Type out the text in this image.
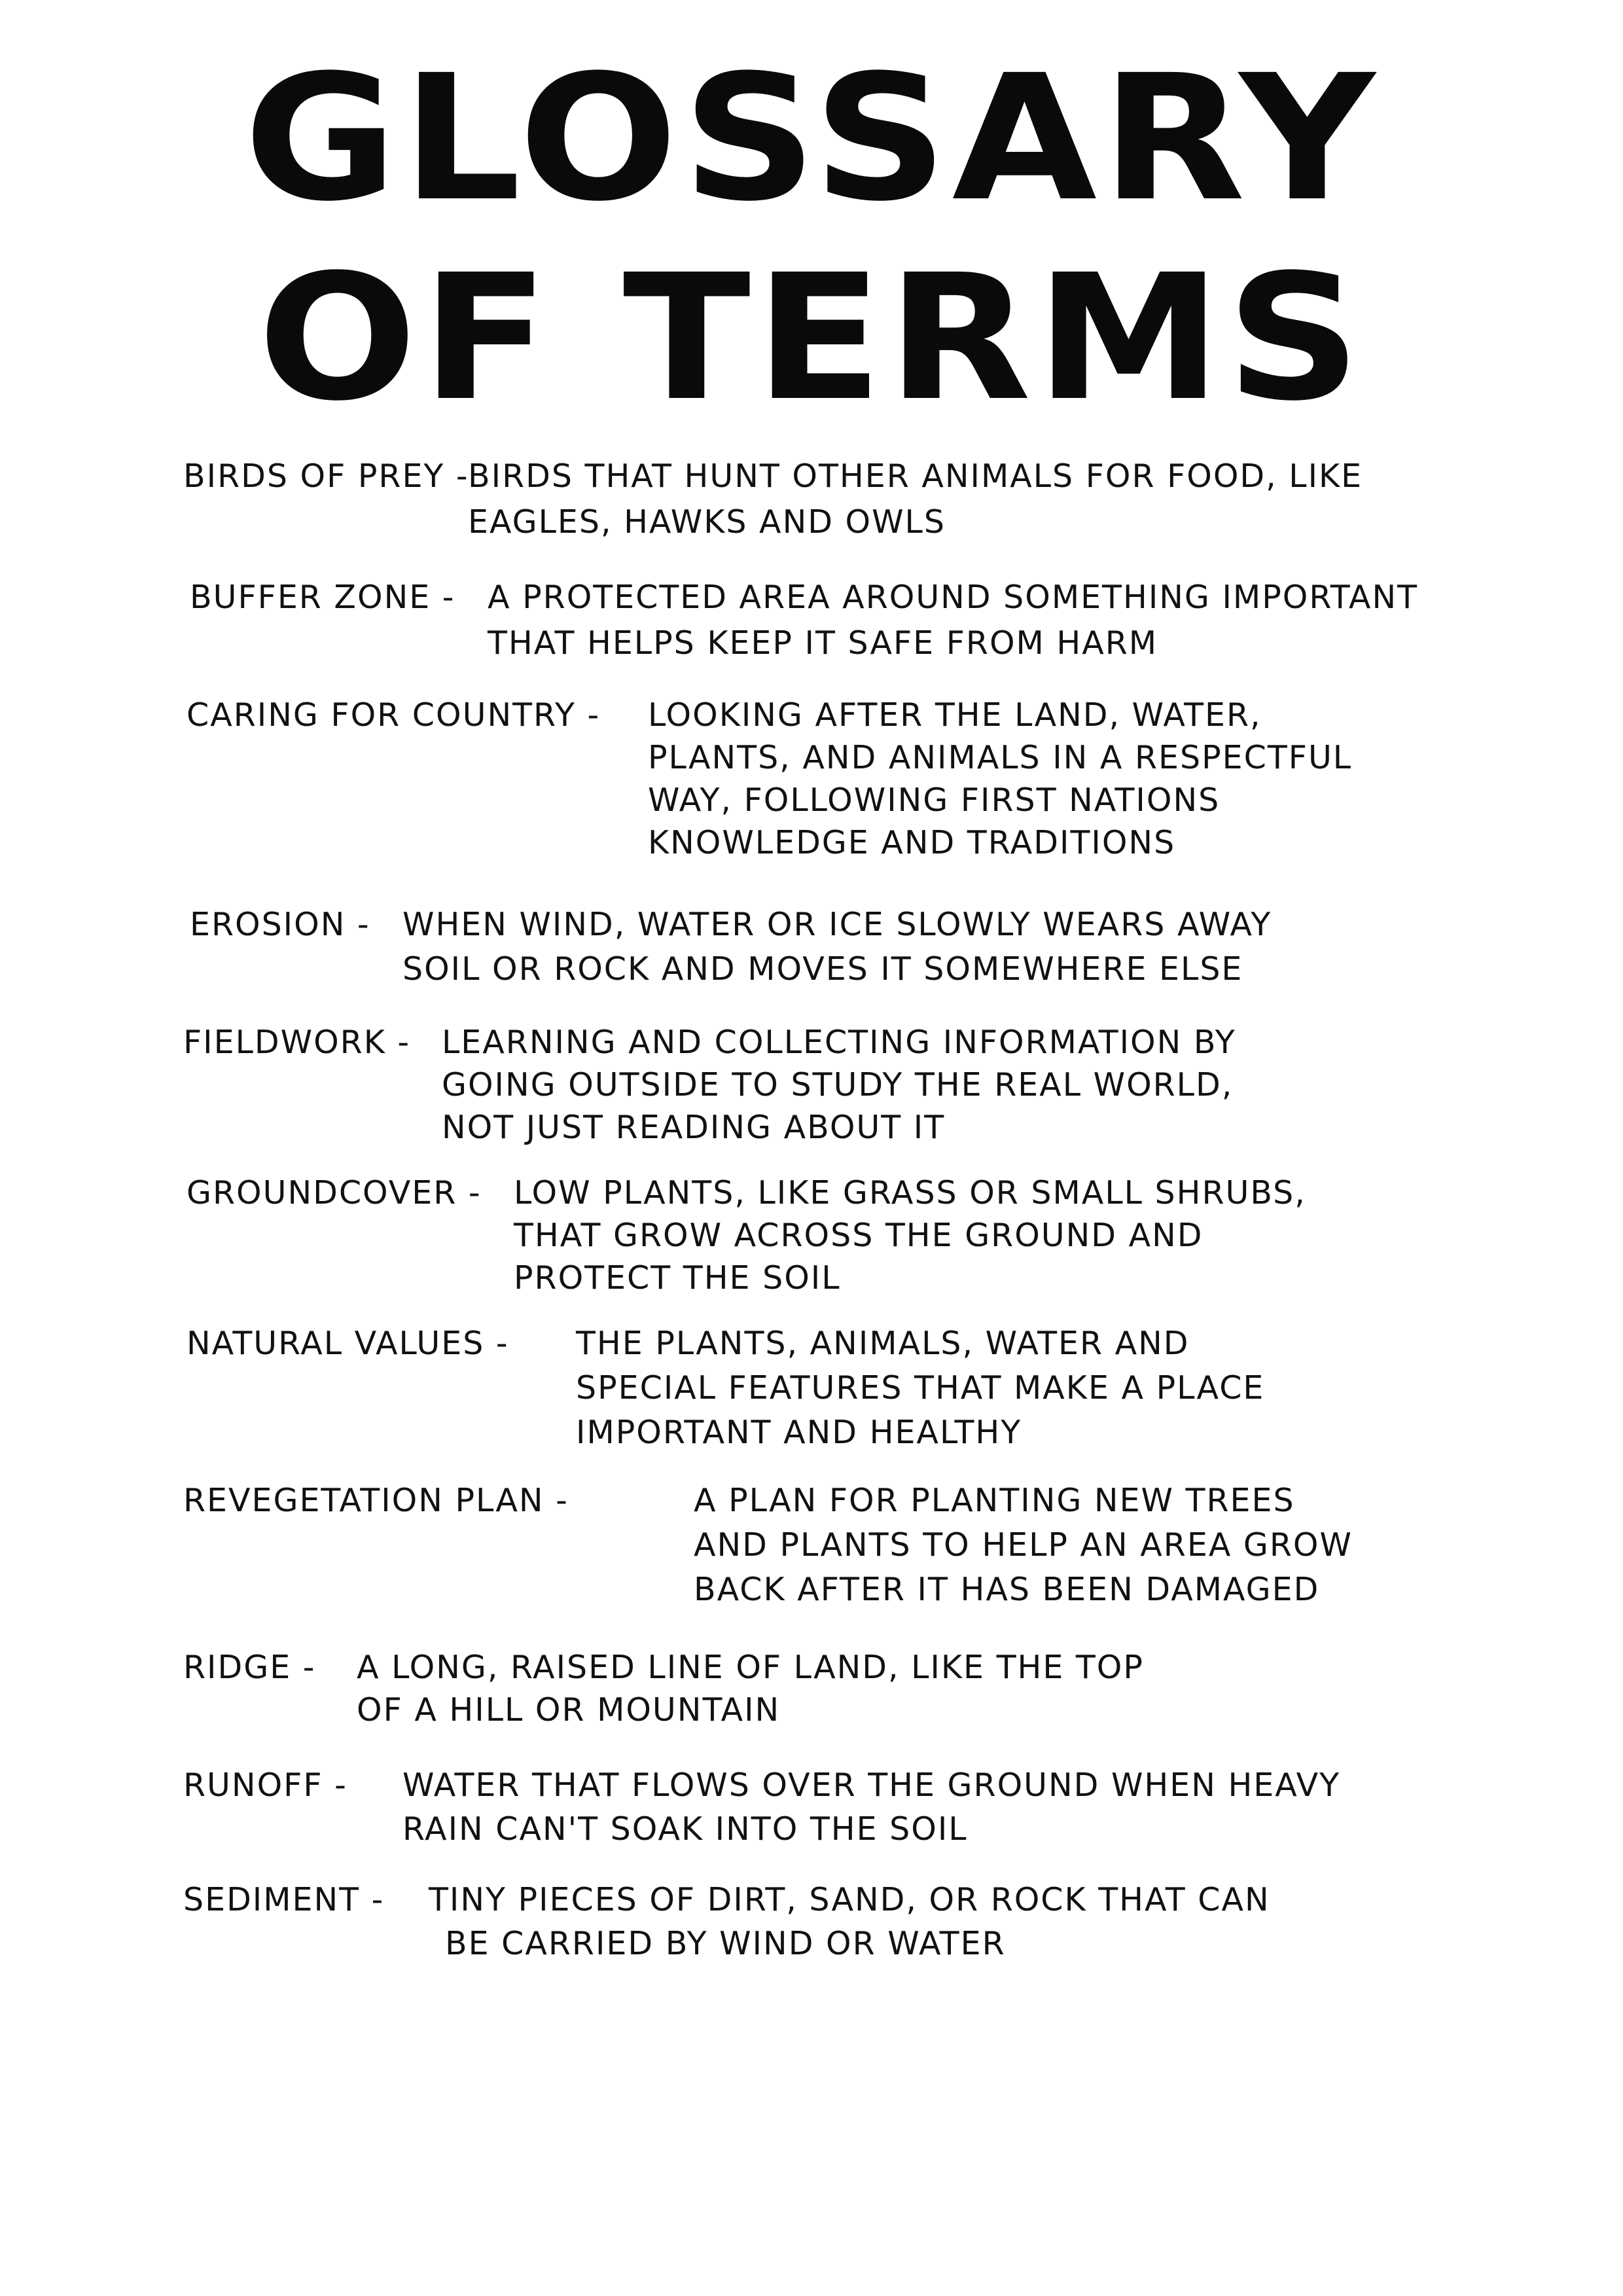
GLOSSARY
OF TERMS
BIRDS OF PREY -
BIRDS THAT HUNT OTHER ANIMALS FOR FOOD, LIKE
EAGLES, HAWKS AND OWLS
BUFFER ZONE - A PROTECTED AREA AROUND SOMETHING IMPORTANT
THAT HELPS KEEP IT SAFE FROM HARM
CARING FOR COUNTRY - LOOKING AFTER THE LAND, WATER,
PLANTS, AND ANIMALS IN A RESPECTFUL
WAY, FOLLOWING FIRST NATIONS
KNOWLEDGE AND TRADITIONS
EROSION - WHEN WIND, WATER OR ICE SLOWLY WEARS AWAY
SOIL OR ROCK AND MOVES IT SOMEWHERE ELSE
FIELDWORK - LEARNING AND COLLECTING INFORMATION BY
GOING OUTSIDE TO STUDY THE REAL WORLD,
NOT JUST READING ABOUT IT
GROUNDCOVER - LOW PLANTS, LIKE GRASS OR SMALL SHRUBS,
THAT GROW ACROSS THE GROUND AND
PROTECT THE SOIL
NATURAL VALUES - THE PLANTS, ANIMALS, WATER AND
SPECIAL FEATURES THAT MAKE A PLACE
IMPORTANT AND HEALTHY
REVEGETATION PLAN -	A PLAN FOR PLANTING NEW TREES
AND PLANTS TO HELP AN AREA GROW
BACK AFTER IT HAS BEEN DAMAGED
RIDGE - A LONG, RAISED LINE OF LAND, LIKE THE TOP
OF A HILL OR MOUNTAIN
RUNOFF - WATER THAT FLOWS OVER THE GROUND WHEN HEAVY
RAIN CAN'T SOAK INTO THE SOIL
SEDIMENT - TINY PIECES OF DIRT, SAND, OR ROCK THAT CAN
BE CARRIED BY WIND OR WATER
